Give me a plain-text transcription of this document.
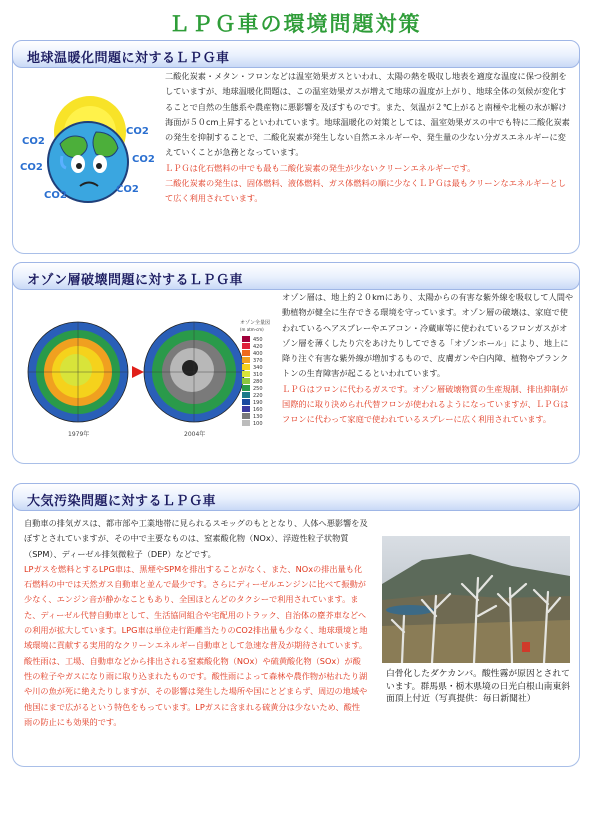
ＬＰＧ車の環境問題対策
地球温暖化問題に対するＬＰＧ車
CO2
CO2
CO2
CO2
CO2
CO2
二酸化炭素・メタン・フロンなどは温室効果ガスといわれ、太陽の熱を吸収し地表を適度な温度に保つ役割をしていますが、地球温暖化問題は、この温室効果ガスが増えて地球の温度が上がり、地球全体の気候が変化することで自然の生態系や農産物に悪影響を及ぼすものです。また、気温が２℃上がると南極や北極の氷が解け海面が５０cm上昇するといわれています。地球温暖化の対策としては、温室効果ガスの中でも特に二酸化炭素の発生を抑制することで、二酸化炭素が発生しない自然エネルギーや、発生量の少ない分ガスエネルギーに変えていくことが急務となっています。
ＬＰＧは化石燃料の中でも最も二酸化炭素の発生が少ないクリーンエネルギーです。
二酸化炭素の発生は、固体燃料、液体燃料、ガス体燃料の順に少なくＬＰＧは最もクリーンなエネルギーとして広く利用されています。
オゾン層破壊問題に対するＬＰＧ車
1979年	2004年
オゾン全量図
(m atm-cm)
450
420
400
370
340
310
280
250
220
190
160
130
100
オゾン層は、地上約２０kmにあり、太陽からの有害な紫外線を吸収して人間や動植物が健全に生存できる環境を守っています。オゾン層の破壊は、家庭で使われているヘアスプレーやエアコン・冷蔵庫等に使われているフロンガスがオゾン層を薄くしたり穴をあけたりしてできる「オゾンホール」により、地上に降り注ぐ有害な紫外線が増加するもので、皮膚ガンや白内障、植物やプランクトンの生育障害が起こるといわれています。
ＬＰＧはフロンに代わるガスです。オゾン層破壊物質の生産規制、排出抑制が国際的に取り決められ代替フロンが使われるようになっていますが、ＬＰＧはフロンに代わって家庭で使われているスプレーに広く利用されています。
大気汚染問題に対するＬＰＧ車
自動車の排気ガスは、都市部や工業地帯に見られるスモッグのもととなり、人体へ悪影響を及ぼすとされていますが、その中で主要なものは、窒素酸化物（NOx）、浮遊性粒子状物質（SPM）、ディーゼル排気微粒子（DEP）などです。
LPガスを燃料とするLPG車は、黒煙やSPMを排出することがなく、また、NOxの排出量も化石燃料の中では天然ガス自動車と並んで最少です。さらにディーゼルエンジンに比べて振動が少なく、エンジン音が静かなこともあり、全国ほとんどのタクシーで利用されています。また、ディーゼル代替自動車として、生活協同組合や宅配用のトラック、自治体の塵芥車などへの利用が拡大しています。LPG車は単位走行距離当たりのCO2排出量も少なく、地球環境と地域環境に貢献する実用的なクリーンエネルギー自動車として急速な普及が期待されています。酸性雨は、工場、自動車などから排出される窒素酸化物（NOx）や硫黄酸化物（SOx）が酸性の粒子やガスになり雨に取り込まれたものです。酸性雨によって森林や農作物が枯れたり湖や川の魚が死に絶えたりしますが、その影響は発生した場所や国にとどまらず、周辺の地域や他国にまで広がるという特色をもっています。LPガスに含まれる硫黄分は少ないため、酸性雨の防止にも効果的です。
白骨化したダケカンバ。酸性霧が原因とされています。群馬県・栃木県境の日光白根山南東斜面頂上付近（写真提供：毎日新聞社）
